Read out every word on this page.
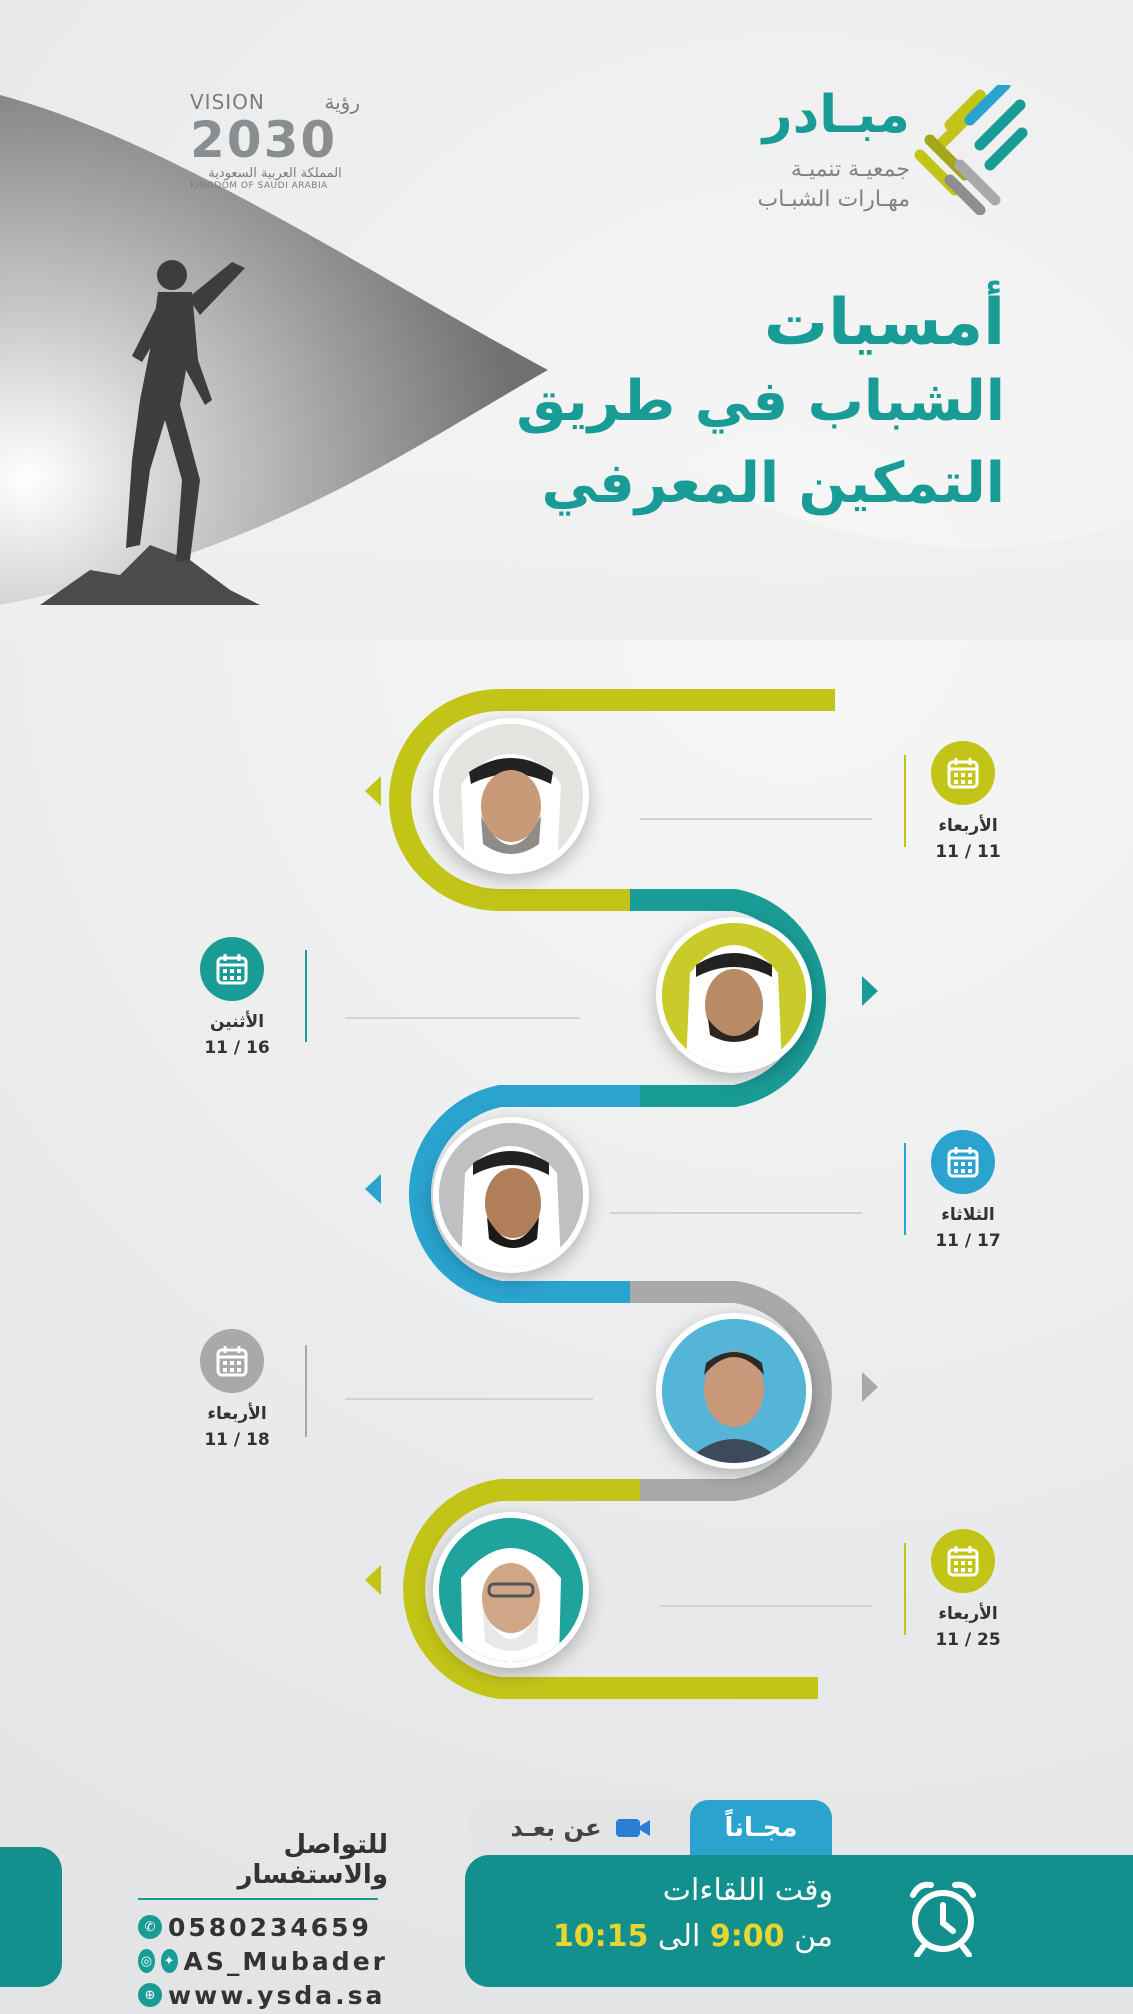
VISION	رؤية
2030
المملكة العربية السعودية
KINGDOM OF SAUDI ARABIA
مبـادر
جمعيـة تنميـة
مهـارات الشبـاب
أمسيات
الشباب في طريق
التمكين المعرفي
الأربعاء
11 / 11
الأثنين
11 / 16
الثلاثاء
11 / 17
الأربعاء
11 / 18
الأربعاء
11 / 25
عن بعـد	مجـاناً
وقت اللقاءات
من 9:00 الى 10:15
للتواصل والاستفسار
✆ 0580234659
◎ ✦ AS_Mubader
⊕ www.ysda.sa
